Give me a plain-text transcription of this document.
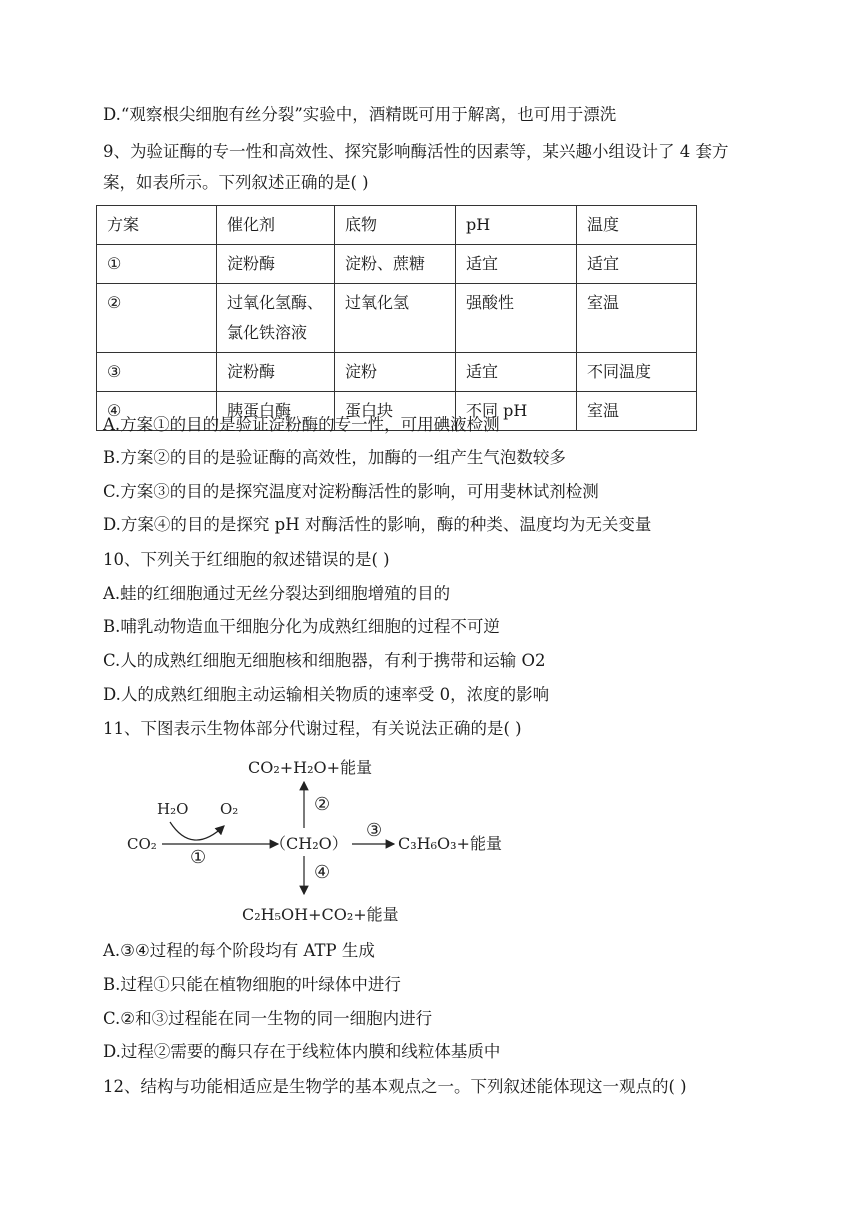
D.“观察根尖细胞有丝分裂”实验中，酒精既可用于解离，也可用于漂洗
9、为验证酶的专一性和高效性、探究影响酶活性的因素等，某兴趣小组设计了 4 套方
案，如表所示。下列叙述正确的是( )
方案	催化剂	底物	pH	温度
①	淀粉酶	淀粉、蔗糖	适宜	适宜
②	过氧化氢酶、
氯化铁溶液	过氧化氢	强酸性	室温
③	淀粉酶	淀粉	适宜	不同温度
④	胰蛋白酶	蛋白块	不同 pH	室温
A.方案①的目的是验证淀粉酶的专一性，可用碘液检测
B.方案②的目的是验证酶的高效性，加酶的一组产生气泡数较多
C.方案③的目的是探究温度对淀粉酶活性的影响，可用斐林试剂检测
D.方案④的目的是探究 pH 对酶活性的影响，酶的种类、温度均为无关变量
10、下列关于红细胞的叙述错误的是( )
A.蛙的红细胞通过无丝分裂达到细胞增殖的目的
B.哺乳动物造血干细胞分化为成熟红细胞的过程不可逆
C.人的成熟红细胞无细胞核和细胞器，有利于携带和运输 O2
D.人的成熟红细胞主动运输相关物质的速率受 0，浓度的影响
11、下图表示生物体部分代谢过程，有关说法正确的是( )
CO₂+H₂O+能量
②
H₂O O₂
CO₂
①
（CH₂O）
③
C₃H₆O₃+能量
④
C₂H₅OH+CO₂+能量
A.③④过程的每个阶段均有 ATP 生成
B.过程①只能在植物细胞的叶绿体中进行
C.②和③过程能在同一生物的同一细胞内进行
D.过程②需要的酶只存在于线粒体内膜和线粒体基质中
12、结构与功能相适应是生物学的基本观点之一。下列叙述能体现这一观点的( )
